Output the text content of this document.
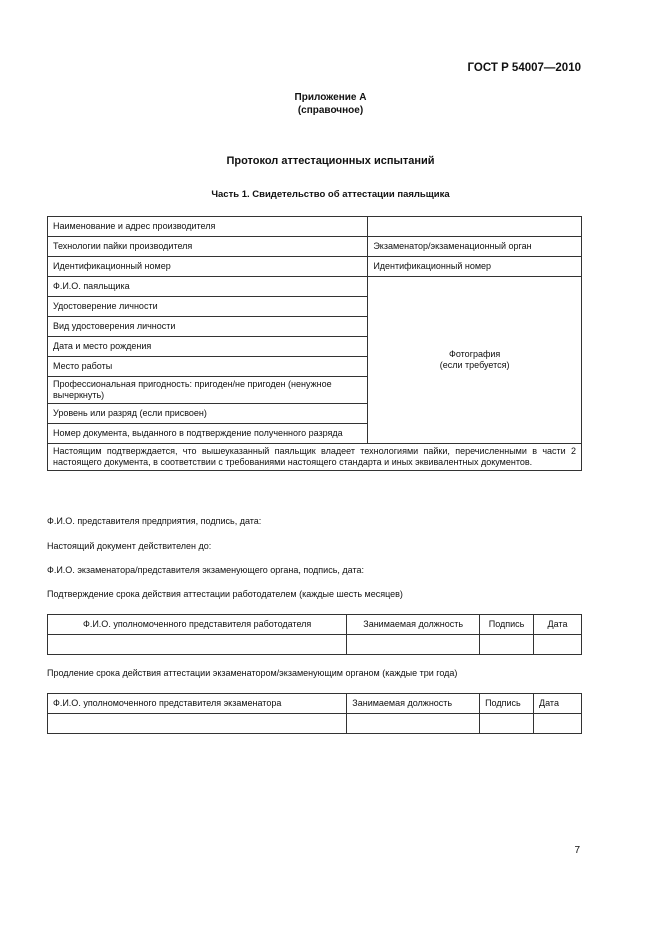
ГОСТ Р 54007—2010
Приложение А
(справочное)
Протокол аттестационных испытаний
Часть 1. Свидетельство об аттестации паяльщика
Наименование и адрес производителя	
Технологии пайки производителя	Экзаменатор/экзаменационный орган
Идентификационный номер	Идентификационный номер
Ф.И.О. паяльщика	Фотография
(если требуется)

Удостоверение личности	
Вид удостоверения личности	
Дата и место рождения	
Место работы	
Профессиональная пригодность: пригоден/не пригоден (ненужное вычеркнуть)	
Уровень или разряд (если присвоен)	
Номер документа, выданного в подтверждение полученного разряда	
Настоящим подтверждается, что вышеуказанный паяльщик владеет технологиями пайки, перечисленными в части 2 настоящего документа, в соответствии с требованиями настоящего стандарта и иных эквивалентных документов.	
Ф.И.О. представителя предприятия, подпись, дата:
Настоящий документ действителен до:
Ф.И.О. экзаменатора/представителя экзаменующего органа, подпись, дата:
Подтверждение срока действия аттестации работодателем (каждые шесть месяцев)
Ф.И.О. уполномоченного представителя работодателя	Занимаемая должность	Подпись	Дата

Продление срока действия аттестации экзаменатором/экзаменующим органом (каждые три года)
Ф.И.О. уполномоченного представителя экзаменатора	Занимаемая должность	Подпись	Дата

7
